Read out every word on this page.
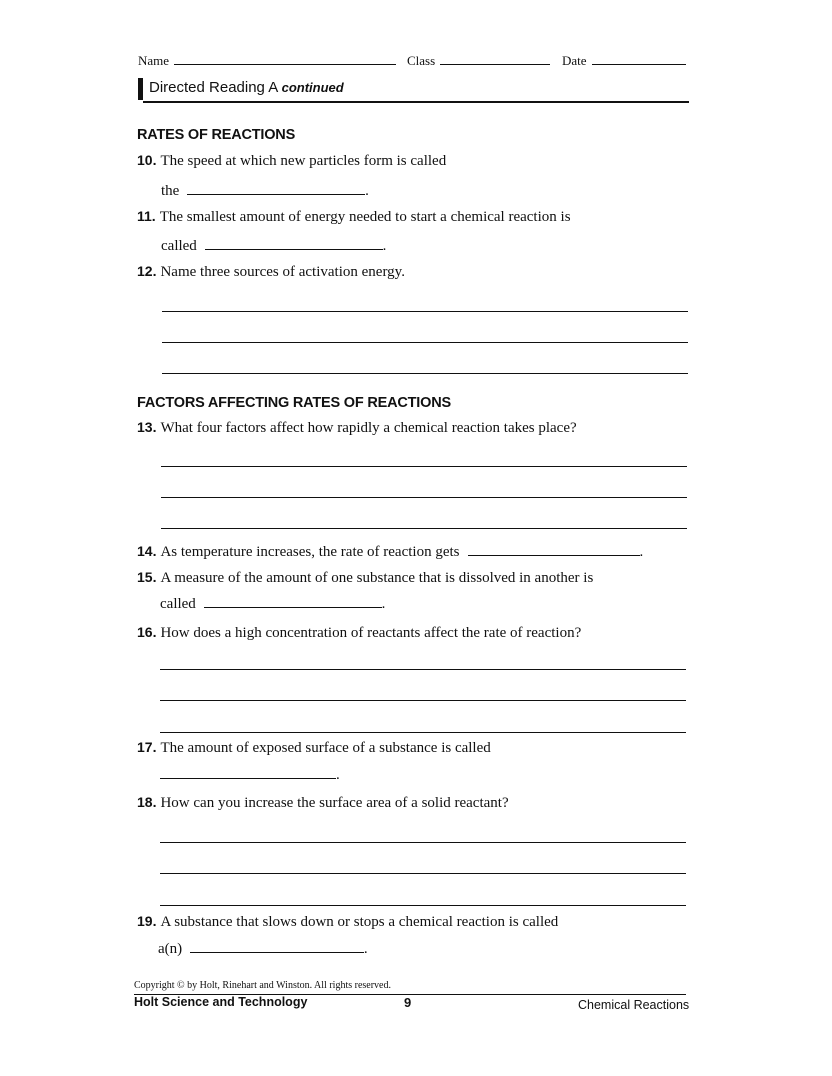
Name	Class	Date
Directed Reading A continued
RATES OF REACTIONS
10. The speed at which new particles form is called
the	.
11. The smallest amount of energy needed to start a chemical reaction is
called	.
12. Name three sources of activation energy.
FACTORS AFFECTING RATES OF REACTIONS
13. What four factors affect how rapidly a chemical reaction takes place?
14. As temperature increases, the rate of reaction gets	.
15. A measure of the amount of one substance that is dissolved in another is
called	.
16. How does a high concentration of reactants affect the rate of reaction?
17. The amount of exposed surface of a substance is called
.
18. How can you increase the surface area of a solid reactant?
19. A substance that slows down or stops a chemical reaction is called
a(n)	.
Copyright © by Holt, Rinehart and Winston. All rights reserved.
Holt Science and Technology	9	Chemical Reactions
